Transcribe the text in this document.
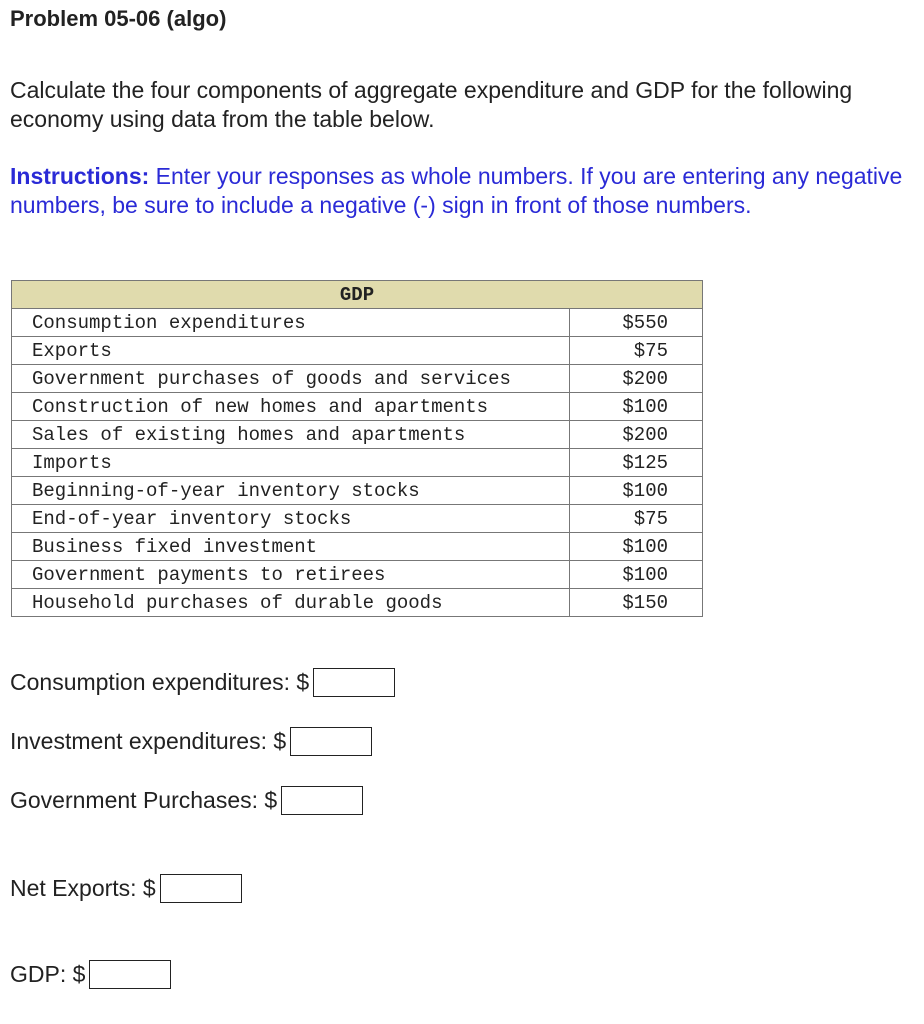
Problem 05-06 (algo)
Calculate the four components of aggregate expenditure and GDP for the following economy using data from the table below.
Instructions: Enter your responses as whole numbers. If you are entering any negative numbers, be sure to include a negative (-) sign in front of those numbers.
GDP	
Consumption expenditures	$550
Exports	$75
Government purchases of goods and services	$200
Construction of new homes and apartments	$100
Sales of existing homes and apartments	$200
Imports	$125
Beginning-of-year inventory stocks	$100
End-of-year inventory stocks	$75
Business fixed investment	$100
Government payments to retirees	$100
Household purchases of durable goods	$150
Consumption expenditures: $
Investment expenditures: $
Government Purchases: $
Net Exports: $
GDP: $
